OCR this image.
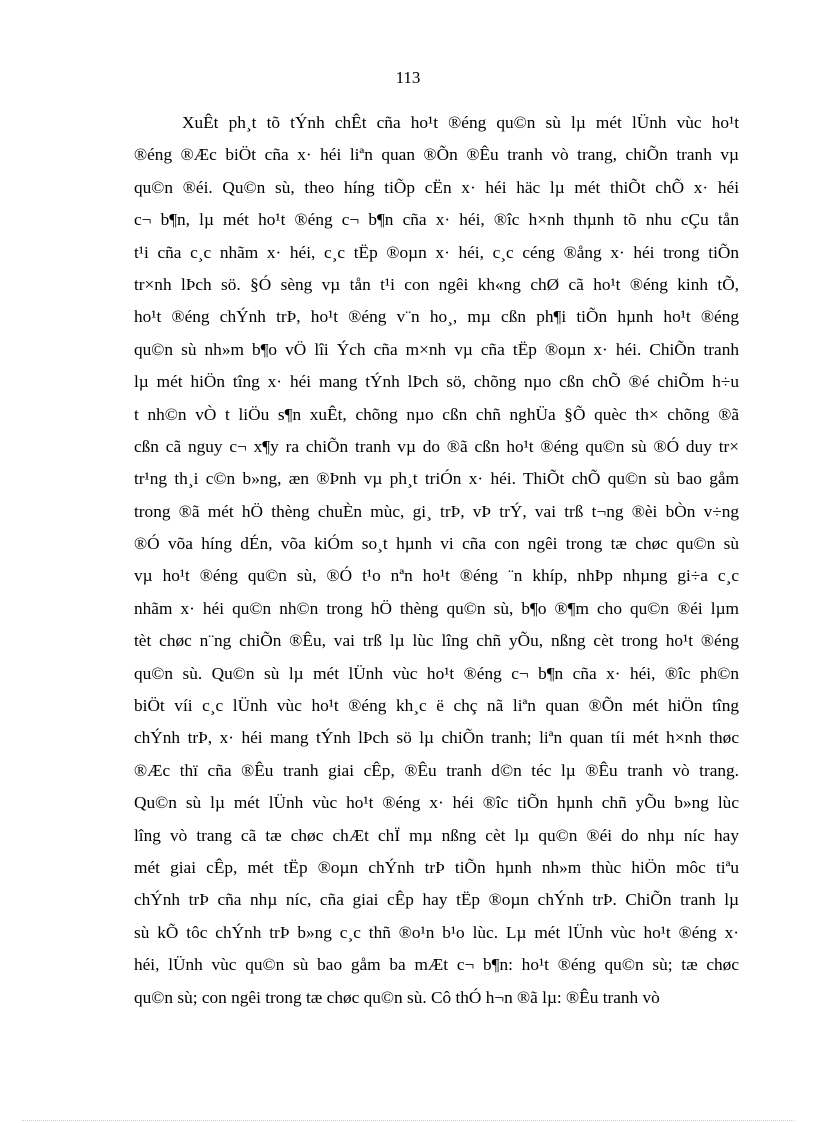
113
XuÊt ph¸t tõ tÝnh chÊt cña ho¹t ®éng qu©n sù lµ mét lÜnh vùc ho¹t
®éng ®Æc biÖt cña x· héi liªn quan ®Õn ®Êu tranh vò trang, chiÕn tranh vµ
qu©n ®éi. Qu©n sù, theo híng tiÕp cËn x· héi häc lµ mét thiÕt chÕ x· héi
c¬ b¶n, lµ mét ho¹t ®éng c¬ b¶n cña x· héi, ®îc h×nh thµnh tõ nhu cÇu tån
t¹i cña c¸c nhãm x· héi, c¸c tËp ®oµn x· héi, c¸c céng ®ång x· héi trong tiÕn
tr×nh lÞch sö. §Ó sèng vµ tån t¹i con ngêi kh«ng chØ cã ho¹t ®éng kinh tÕ,
ho¹t ®éng chÝnh trÞ, ho¹t ®éng v¨n ho¸, mµ cßn ph¶i tiÕn hµnh ho¹t ®éng
qu©n sù nh»m b¶o vÖ lîi Ých cña m×nh vµ cña tËp ®oµn x· héi. ChiÕn tranh
lµ mét hiÖn tîng x· héi mang tÝnh lÞch sö, chõng nµo cßn chÕ ®é chiÕm h÷u
t nh©n vÒ t liÖu s¶n xuÊt, chõng nµo cßn chñ nghÜa §Õ quèc th× chõng ®ã
cßn cã nguy c¬ x¶y ra chiÕn tranh vµ do ®ã cßn ho¹t ®éng qu©n sù ®Ó duy tr×
tr¹ng th¸i c©n b»ng, æn ®Þnh vµ ph¸t triÓn x· héi. ThiÕt chÕ qu©n sù bao gåm
trong ®ã mét hÖ thèng chuÈn mùc, gi¸ trÞ, vÞ trÝ, vai trß t¬ng ®èi bÒn v÷ng
®Ó võa híng dÉn, võa kiÓm so¸t hµnh vi cña con ngêi trong tæ chøc qu©n sù
vµ ho¹t ®éng qu©n sù, ®Ó t¹o nªn ho¹t ®éng ¨n khíp, nhÞp nhµng gi÷a c¸c
nhãm x· héi qu©n nh©n trong hÖ thèng qu©n sù, b¶o ®¶m cho qu©n ®éi lµm
tèt chøc n¨ng chiÕn ®Êu, vai trß lµ lùc lîng chñ yÕu, nßng cèt trong ho¹t ®éng
qu©n sù. Qu©n sù lµ mét lÜnh vùc ho¹t ®éng c¬ b¶n cña x· héi, ®îc ph©n
biÖt víi c¸c lÜnh vùc ho¹t ®éng kh¸c ë chç nã liªn quan ®Õn mét hiÖn tîng
chÝnh trÞ, x· héi mang tÝnh lÞch sö lµ chiÕn tranh; liªn quan tíi mét h×nh thøc
®Æc thï cña ®Êu tranh giai cÊp, ®Êu tranh d©n téc lµ ®Êu tranh vò trang.
Qu©n sù lµ mét lÜnh vùc ho¹t ®éng x· héi ®îc tiÕn hµnh chñ yÕu b»ng lùc
lîng vò trang cã tæ chøc chÆt chÏ mµ nßng cèt lµ qu©n ®éi do nhµ níc hay
mét giai cÊp, mét tËp ®oµn chÝnh trÞ tiÕn hµnh nh»m thùc hiÖn môc tiªu
chÝnh trÞ cña nhµ níc, cña giai cÊp hay tËp ®oµn chÝnh trÞ. ChiÕn tranh lµ
sù kÕ tôc chÝnh trÞ b»ng c¸c thñ ®o¹n b¹o lùc. Lµ mét lÜnh vùc ho¹t ®éng x·
héi, lÜnh vùc qu©n sù bao gåm ba mÆt c¬ b¶n: ho¹t ®éng qu©n sù; tæ chøc
qu©n sù; con ngêi trong tæ chøc qu©n sù. Cô thÓ h¬n ®ã lµ: ®Êu tranh vò
